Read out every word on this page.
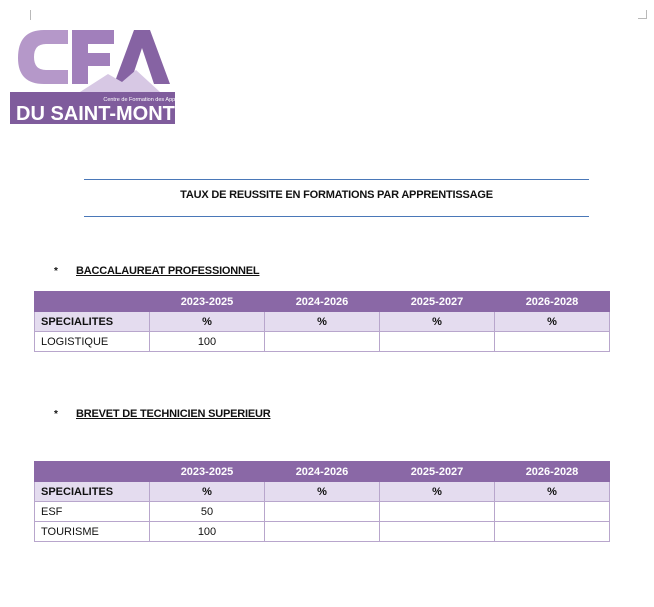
Centre de Formation des Apprentis
DU SAINT-MONT
TAUX DE REUSSITE EN FORMATIONS PAR APPRENTISSAGE
* BACCALAUREAT PROFESSIONNEL
	2023-2025	2024-2026	2025-2027	2026-2028
SPECIALITES	%	%	%	%
LOGISTIQUE	100			
* BREVET DE TECHNICIEN SUPERIEUR
	2023-2025	2024-2026	2025-2027	2026-2028
SPECIALITES	%	%	%	%
ESF	50			
TOURISME	100			
